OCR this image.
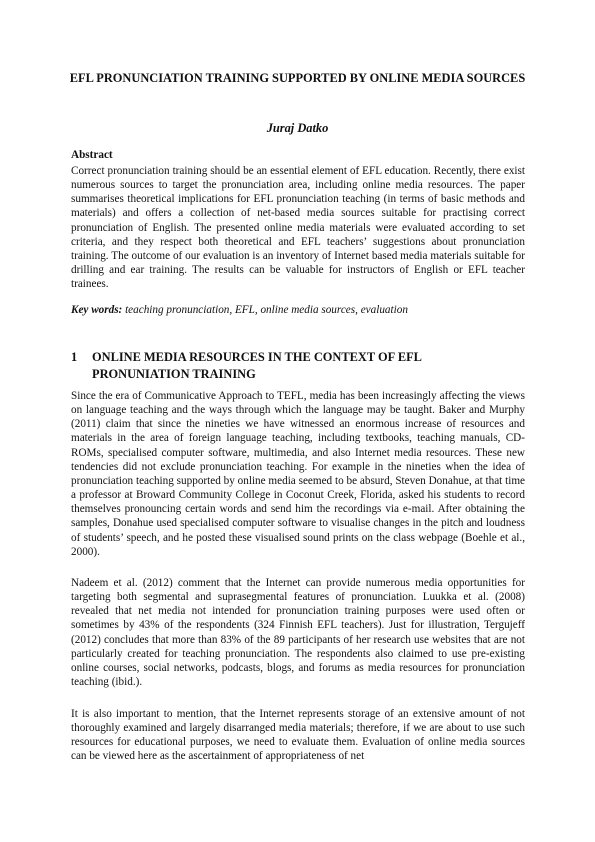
EFL PRONUNCIATION TRAINING SUPPORTED BY ONLINE MEDIA SOURCES
Juraj Datko
Abstract

Correct pronunciation training should be an essential element of EFL education. Recently, there exist numerous sources to target the pronunciation area, including online media resources. The paper summarises theoretical implications for EFL pronunciation teaching (in terms of basic methods and materials) and offers a collection of net-based media sources suitable for practising correct pronunciation of English. The presented online media materials were evaluated according to set criteria, and they respect both theoretical and EFL teachers’ suggestions about pronunciation training. The outcome of our evaluation is an inventory of Internet based media materials suitable for drilling and ear training. The results can be valuable for instructors of English or EFL teacher trainees.

Key words: teaching pronunciation, EFL, online media sources, evaluation

1 ONLINE MEDIA RESOURCES IN THE CONTEXT OF EFL PRONUNIATION TRAINING

Since the era of Communicative Approach to TEFL, media has been increasingly affecting the views on language teaching and the ways through which the language may be taught. Baker and Murphy (2011) claim that since the nineties we have witnessed an enormous increase of resources and materials in the area of foreign language teaching, including textbooks, teaching manuals, CD-ROMs, specialised computer software, multimedia, and also Internet media resources. These new tendencies did not exclude pronunciation teaching. For example in the nineties when the idea of pronunciation teaching supported by online media seemed to be absurd, Steven Donahue, at that time a professor at Broward Community College in Coconut Creek, Florida, asked his students to record themselves pronouncing certain words and send him the recordings via e-mail. After obtaining the samples, Donahue used specialised computer software to visualise changes in the pitch and loudness of students’ speech, and he posted these visualised sound prints on the class webpage (Boehle et al., 2000).

Nadeem et al. (2012) comment that the Internet can provide numerous media opportunities for targeting both segmental and suprasegmental features of pronunciation. Luukka et al. (2008) revealed that net media not intended for pronunciation training purposes were used often or sometimes by 43% of the respondents (324 Finnish EFL teachers). Just for illustration, Tergujeff (2012) concludes that more than 83% of the 89 participants of her research use websites that are not particularly created for teaching pronunciation. The respondents also claimed to use pre-existing online courses, social networks, podcasts, blogs, and forums as media resources for pronunciation teaching (ibid.).

It is also important to mention, that the Internet represents storage of an extensive amount of not thoroughly examined and largely disarranged media materials; therefore, if we are about to use such resources for educational purposes, we need to evaluate them. Evaluation of online media sources can be viewed here as the ascertainment of appropriateness of net
